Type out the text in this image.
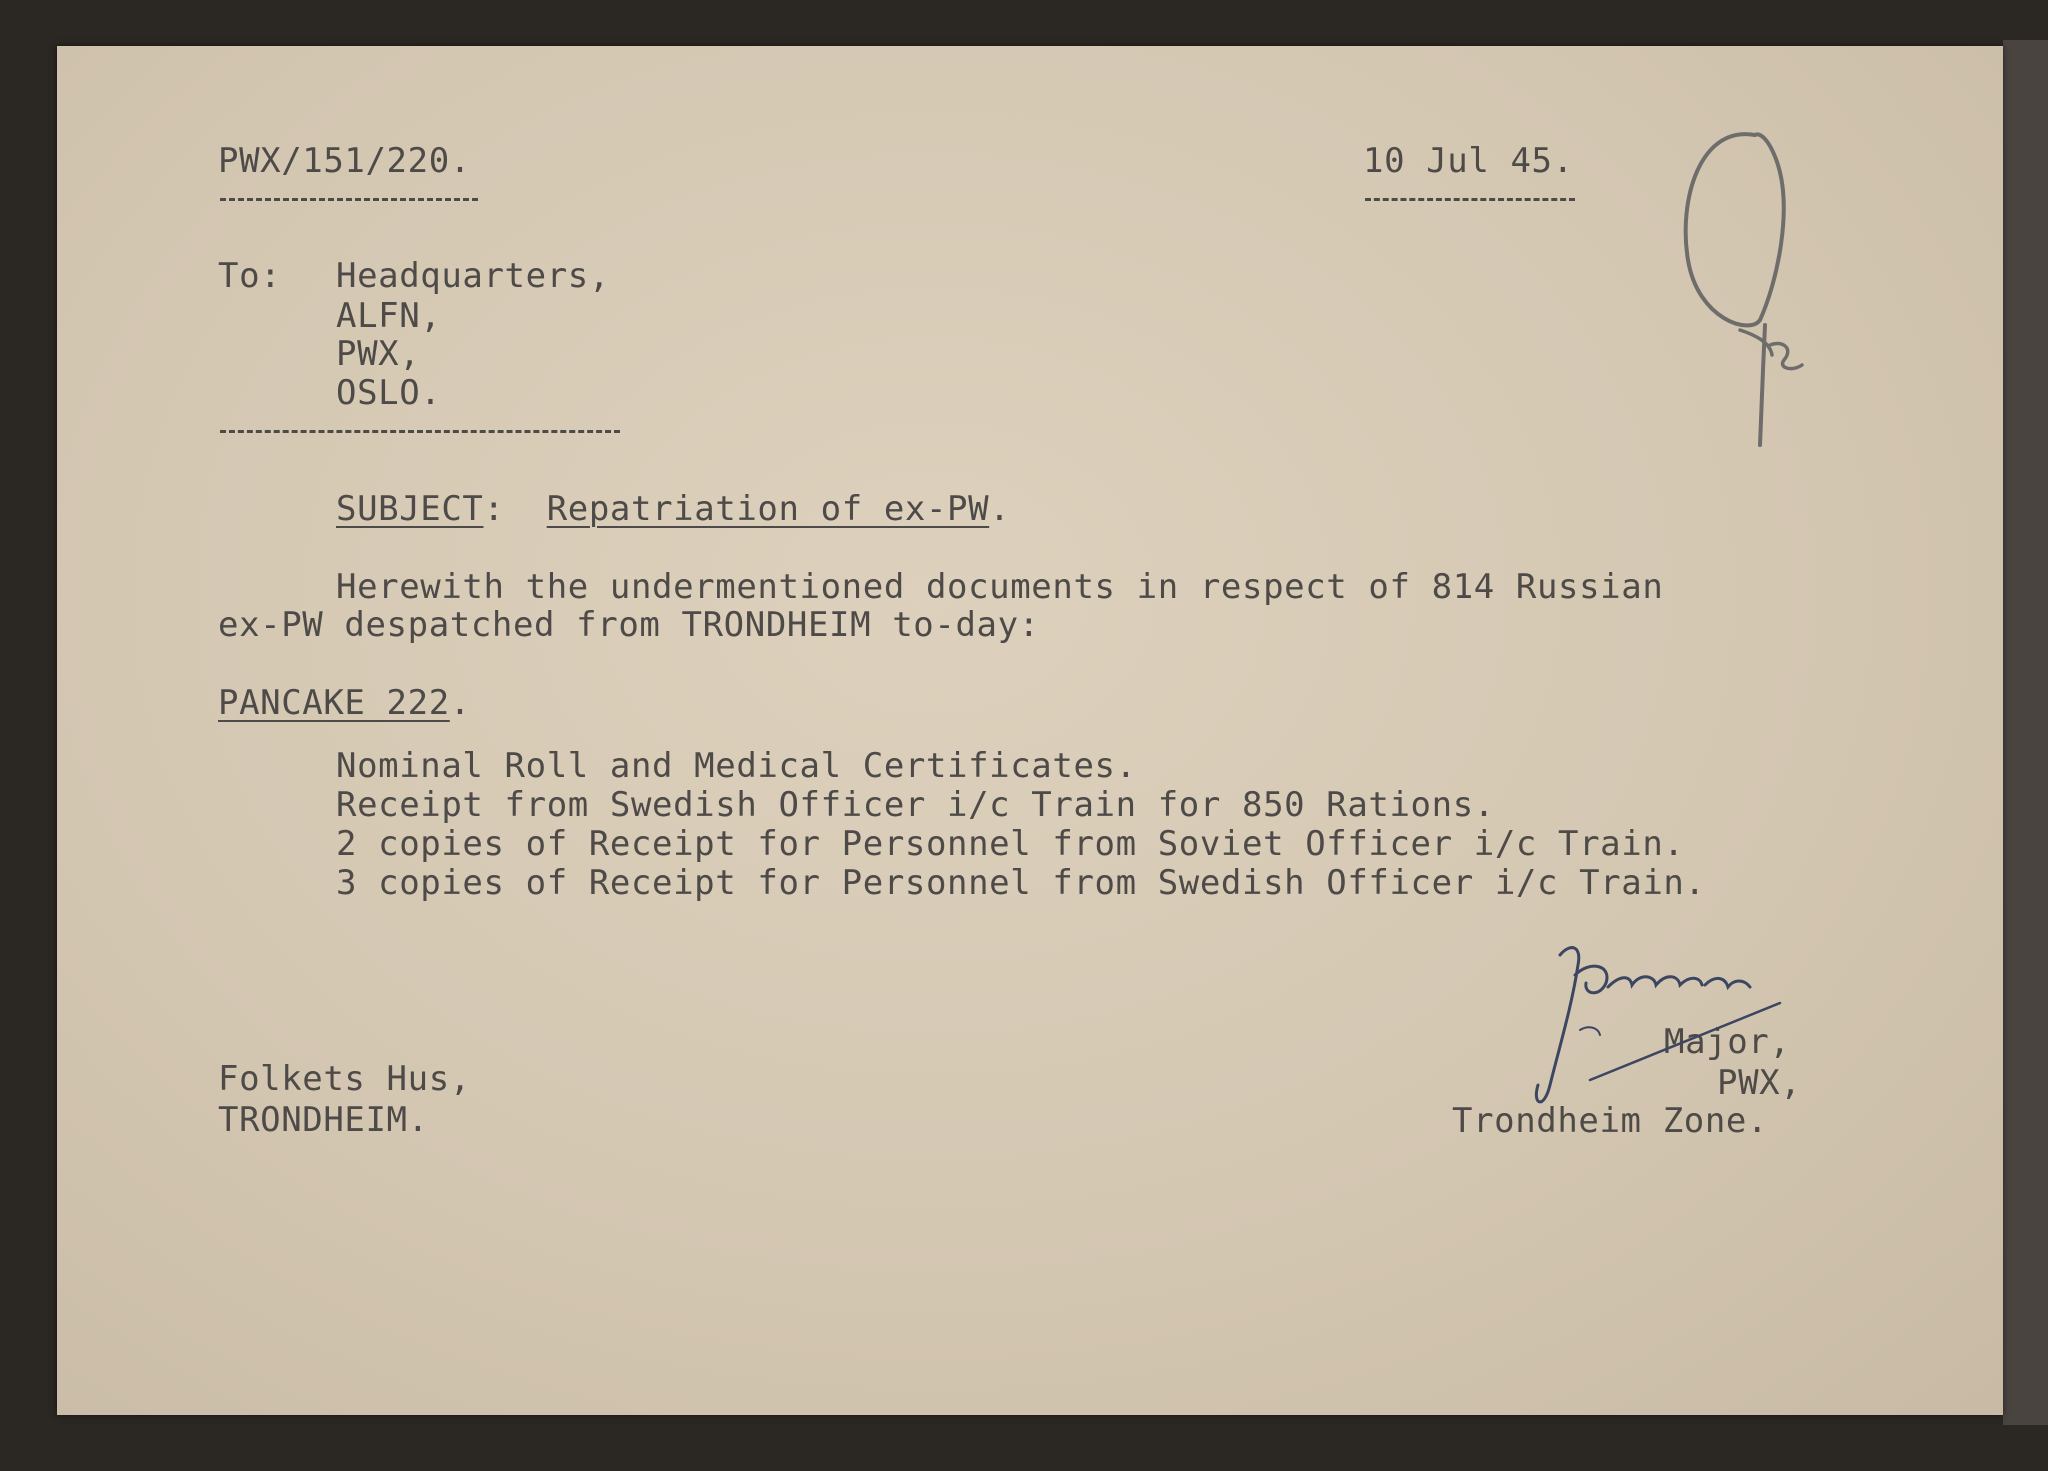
PWX/151/220.	10 Jul 45.
To: Headquarters,
ALFN,
PWX,
OSLO.
SUBJECT: Repatriation of ex-PW.
Herewith the undermentioned documents in respect of 814 Russian
ex-PW despatched from TRONDHEIM to-day:
PANCAKE 222.
Nominal Roll and Medical Certificates.
Receipt from Swedish Officer i/c Train for 850 Rations.
2 copies of Receipt for Personnel from Soviet Officer i/c Train.
3 copies of Receipt for Personnel from Swedish Officer i/c Train.
Folkets Hus,
TRONDHEIM.
Major,
PWX,
Trondheim Zone.
